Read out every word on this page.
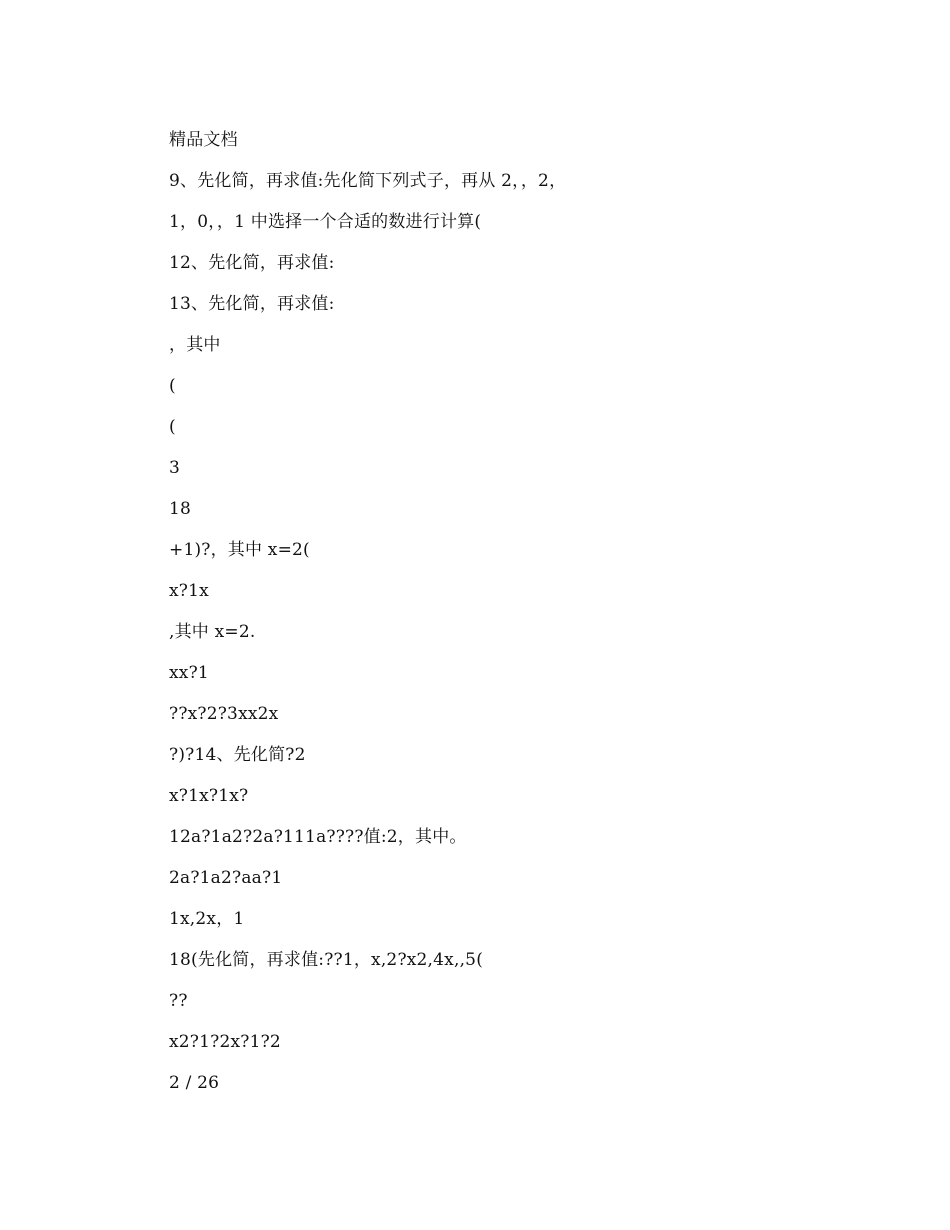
精品文档
9、先化简，再求值:先化简下列式子，再从 2，，2，
1，0，，1 中选择一个合适的数进行计算(
12、先化简，再求值:
13、先化简，再求值:
，其中
(
(
3
18
+1)?，其中 x=2(
x?1x
,其中 x=2.
xx?1
??x?2?3xx2x
?)?14、先化简?2
x?1x?1x?
12a?1a2?2a?111a????值:2，其中。
2a?1a2?aa?1
1x,2x，1
18(先化简，再求值:??1，x,2?x2,4x,,5(
??
x2?1?2x?1?2
2 / 26
